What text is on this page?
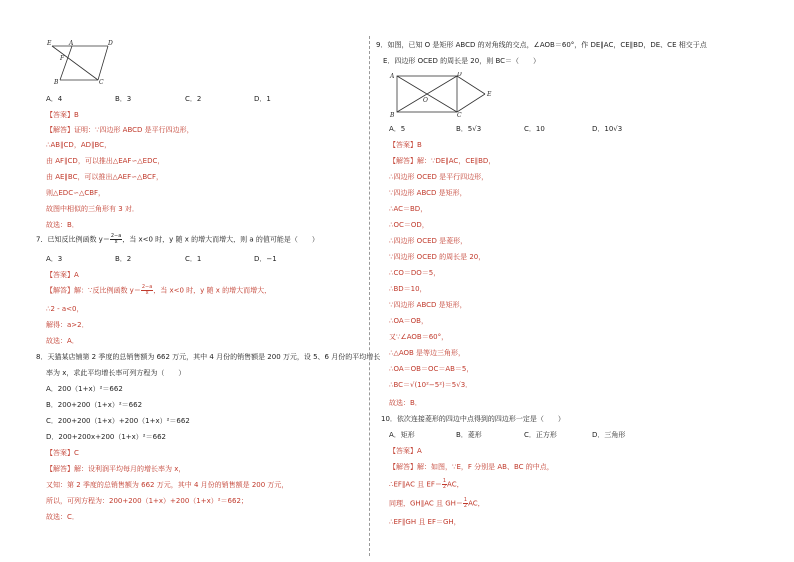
E	A	D
F
B	C
A．4	B．3	C．2	D．1
【答案】B
【解答】证明：∵四边形 ABCD 是平行四边形，
∴AB∥CD，AD∥BC，
由 AF∥CD，可以推出△EAF∽△EDC，
由 AE∥BC，可以推出△AEF∽△BCF，
则△EDC∽△CBF，
故图中相似的三角形有 3 对．
故选：B．
7．已知反比例函数 $y= \frac{2-a}{x}$ ，当 x<0 时，y 随 x 的增大而增大，则 a 的值可能是（　　）
A．3	B．2	C．1	D．−1
【答案】A
【解答】解：∵反比例函数 $y= \frac{2-a}{x}$ ，当 x<0 时，y 随 x 的增大而增大，
∴2 - a<0，
解得：a>2．
故选：A．
8．天猫某店铺第 2 季度的总销售额为 662 万元，其中 4 月份的销售额是 200 万元，设 5、6 月份的平均增长
率为 x，求此平均增长率可列方程为（　　）
A．200（1+x）²＝662
B．200+200（1+x）²＝662
C．200+200（1+x）+200（1+x）²＝662
D．200+200x+200（1+x）²＝662
【答案】C
【解答】解：设利润平均每月的增长率为 x，
又知：第 2 季度的总销售额为 662 万元，其中 4 月份的销售额是 200 万元，
所以，可列方程为：200+200（1+x）+200（1+x）²＝662；
故选：C．
9．如图，已知 O 是矩形 ABCD 的对角线的交点，∠AOB＝60°，作 DE∥AC，CE∥BD，DE、CE 相交于点
E．四边形 OCED 的周长是 20，则 BC＝（　　）
A	D
E
O
B	C
A．5	B．5√3	C．10	D．10√3
【答案】B
【解答】解：∵DE∥AC，CE∥BD，
∴四边形 OCED 是平行四边形，
∵四边形 ABCD 是矩形，
∴AC＝BD，
∴OC＝OD，
∴四边形 OCED 是菱形，
∵四边形 OCED 的周长是 20，
∴CO＝DO＝5，
∴BD＝10，
∵四边形 ABCD 是矩形，
∴OA＝OB，
又∵∠AOB＝60°，
∴△AOB 是等边三角形，
∴OA＝OB＝OC＝AB＝5，
∴BC＝√(10²−5²)＝5√3．
故选：B．
10．依次连接菱形的四边中点得到的四边形一定是（　　）
A．矩形	B．菱形	C．正方形	D．三角形
【答案】A
【解答】解：如图，∵E，F 分别是 AB、BC 的中点，
∴EF∥AC 且 $EF= \frac{1}{2}$ AC，
同理，GH∥AC 且 $GH= \frac{1}{2}$ AC，
∴EF∥GH 且 EF＝GH，
